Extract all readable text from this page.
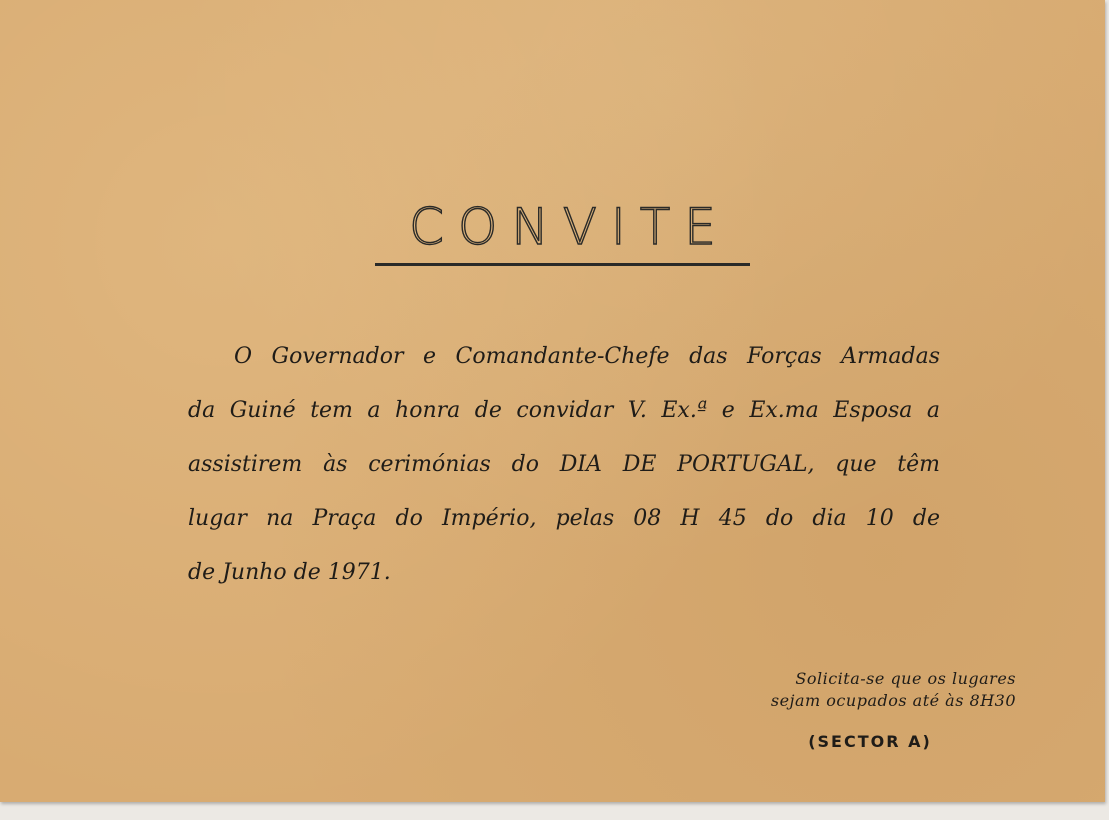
CONVITE
O Governador e Comandante-Chefe das Forças Armadas
da Guiné tem a honra de convidar V. Ex.ª e Ex.ma Esposa a
assistirem às cerimónias do DIA DE PORTUGAL, que têm
lugar na Praça do Império, pelas 08 H 45 do dia 10 de
de Junho de 1971.
Solicita-se que os lugares
sejam ocupados até às 8H30
(SECTOR A)
